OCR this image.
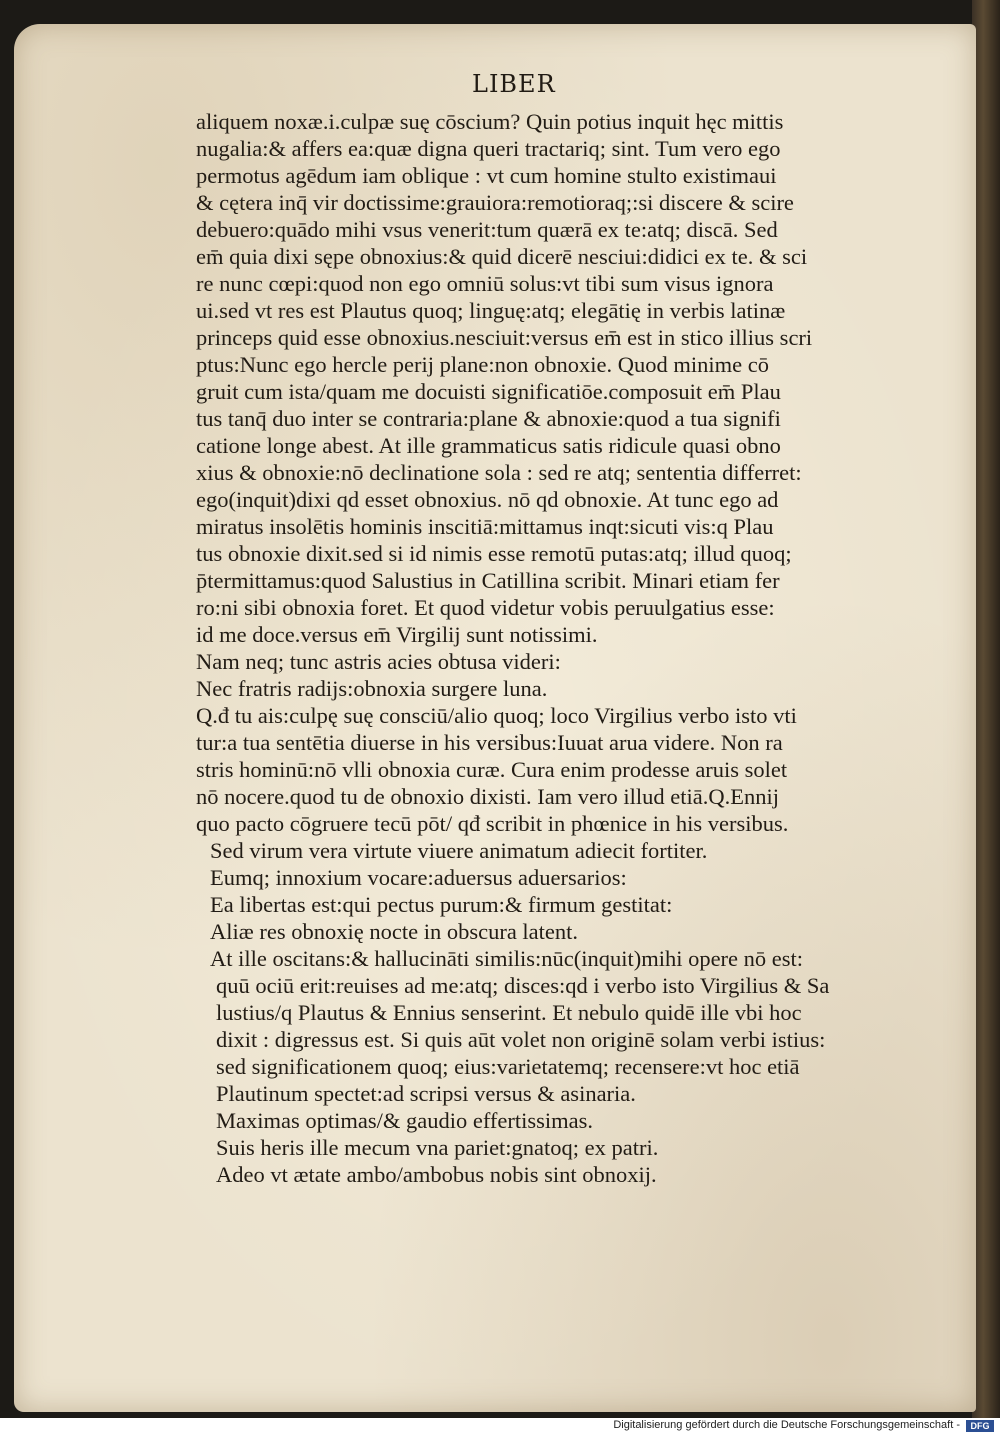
LIBER
aliquem noxæ.i.culpæ suę cōscium? Quin potius inquit hęc mittis
nugalia:& affers ea:quæ digna queri tractariq; sint. Tum vero ego
permotus agēdum iam oblique : vt cum homine stulto existimaui
& cętera inq̄ vir doctissime:grauiora:remotioraq;:si discere & scire
debuero:quādo mihi vsus venerit:tum quærā ex te:atq; discā. Sed
em̄ quia dixi sępe obnoxius:& quid dicerē nesciui:didici ex te. & sci
re nunc cœpi:quod non ego omniū solus:vt tibi sum visus ignora
ui.sed vt res est Plautus quoq; linguę:atq; elegātię in verbis latinæ
princeps quid esse obnoxius.nesciuit:versus em̄ est in stico illius scri
ptus:Nunc ego hercle perij plane:non obnoxie. Quod minime cō
gruit cum ista/quam me docuisti significatiōe.composuit em̄ Plau
tus tanq̄ duo inter se contraria:plane & abnoxie:quod a tua signifi
catione longe abest. At ille grammaticus satis ridicule quasi obno
xius & obnoxie:nō declinatione sola : sed re atq; sententia differret:
ego(inquit)dixi qd esset obnoxius. nō qd obnoxie. At tunc ego ad
miratus insolētis hominis inscitiā:mittamus inqt:sicuti vis:q Plau
tus obnoxie dixit.sed si id nimis esse remotū putas:atq; illud quoq;
p̄termittamus:quod Salustius in Catillina scribit. Minari etiam fer
ro:ni sibi obnoxia foret. Et quod videtur vobis peruulgatius esse:
id me doce.versus em̄ Virgilij sunt notissimi.
Nam neq; tunc astris acies obtusa videri:
Nec fratris radijs:obnoxia surgere luna.
Q.đ tu ais:culpę suę consciū/alio quoq; loco Virgilius verbo isto vti
tur:a tua sentētia diuerse in his versibus:Iuuat arua videre. Non ra
stris hominū:nō vlli obnoxia curæ. Cura enim prodesse aruis solet
nō nocere.quod tu de obnoxio dixisti. Iam vero illud etiā.Q.Ennij
quo pacto cōgruere tecū pōt/ qđ scribit in phœnice in his versibus.
Sed virum vera virtute viuere animatum adiecit fortiter.
Eumq; innoxium vocare:aduersus aduersarios:
Ea libertas est:qui pectus purum:& firmum gestitat:
Aliæ res obnoxię nocte in obscura latent.
At ille oscitans:& hallucināti similis:nūc(inquit)mihi opere nō est:
quū ociū erit:reuises ad me:atq; disces:qd i verbo isto Virgilius & Sa
lustius/q Plautus & Ennius senserint. Et nebulo quidē ille vbi hoc
dixit : digressus est. Si quis aūt volet non originē solam verbi istius:
sed significationem quoq; eius:varietatemq; recensere:vt hoc etiā
Plautinum spectet:ad scripsi versus & asinaria.
Maximas optimas/& gaudio effertissimas.
Suis heris ille mecum vna pariet:gnatoq; ex patri.
Adeo vt ætate ambo/ambobus nobis sint obnoxij.
Digitalisierung gefördert durch die Deutsche Forschungsgemeinschaft -	DFG
